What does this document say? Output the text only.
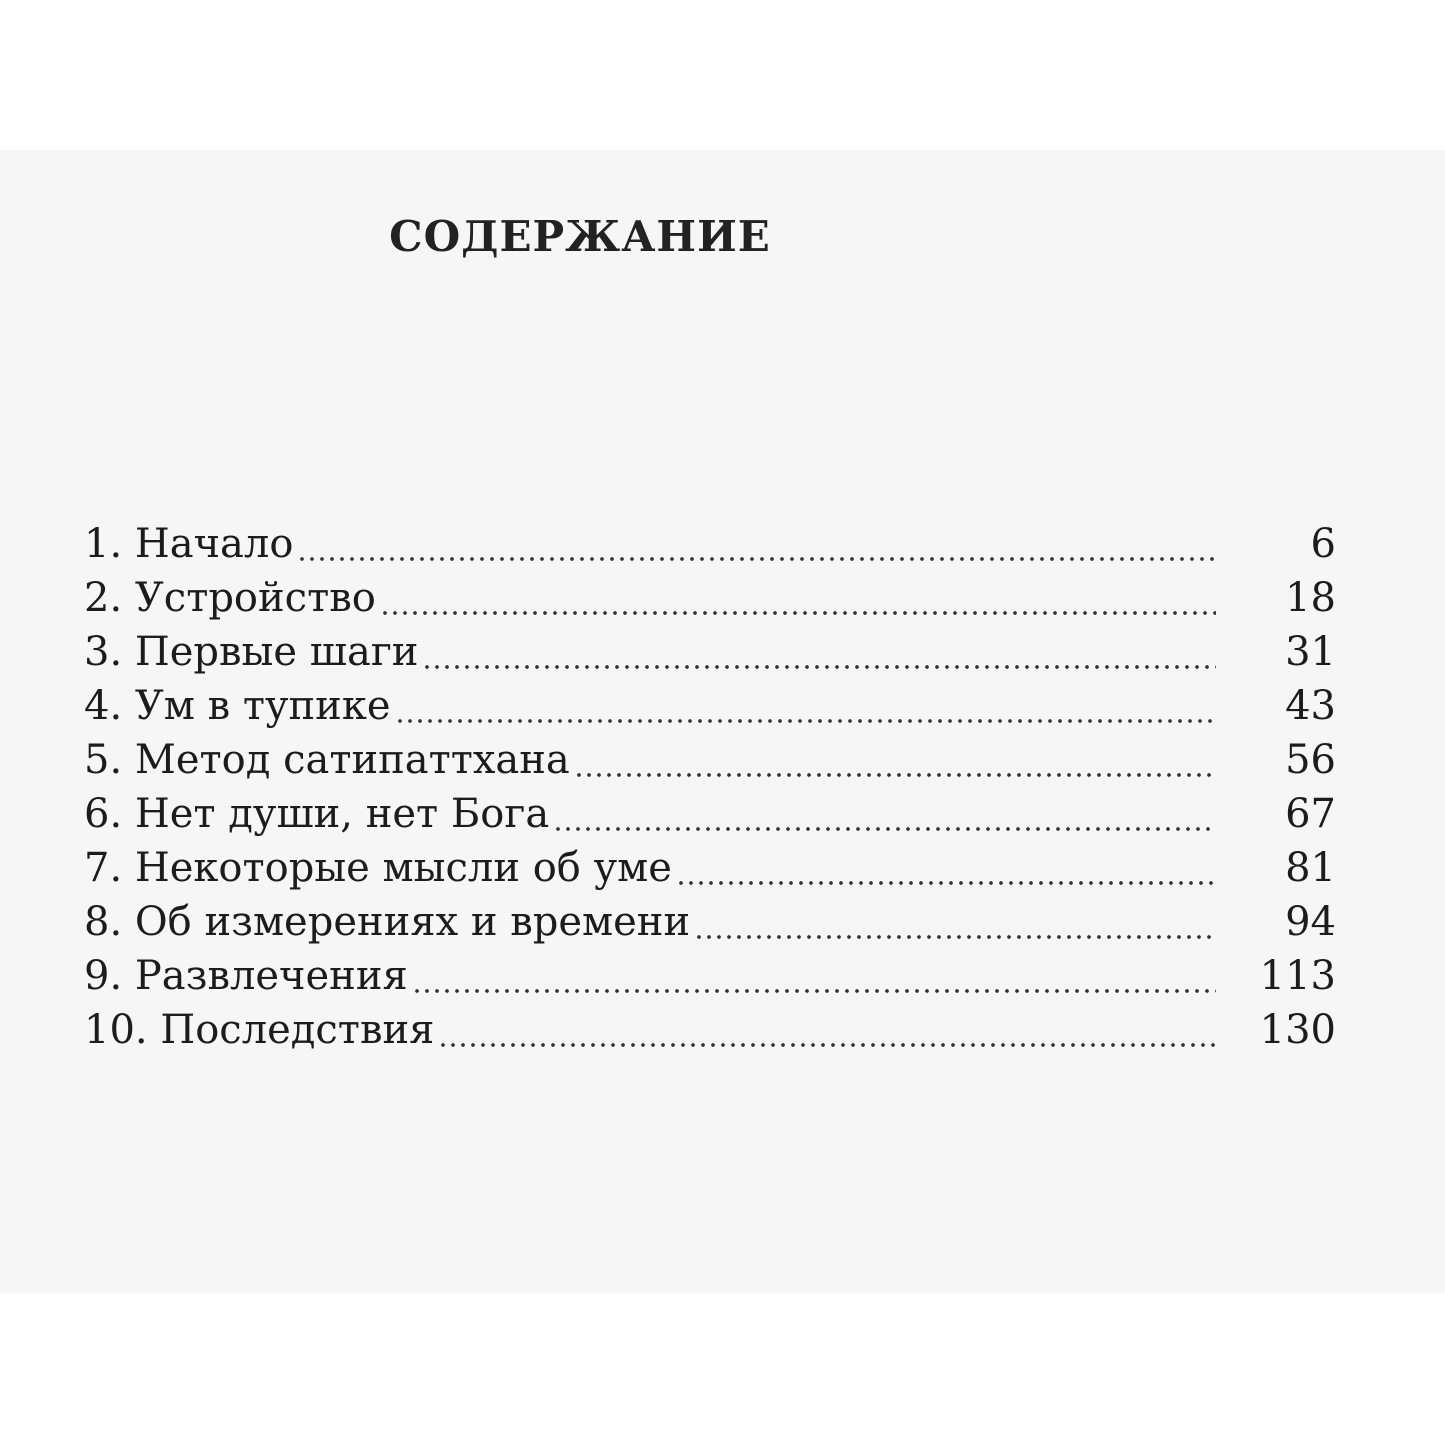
СОДЕРЖАНИЕ
1. Начало	6
2. Устройство	18
3. Первые шаги	31
4. Ум в тупике	43
5. Метод сатипаттхана	56
6. Нет души, нет Бога	67
7. Некоторые мысли об уме	81
8. Об измерениях и времени	94
9. Развлечения	113
10. Последствия	130
